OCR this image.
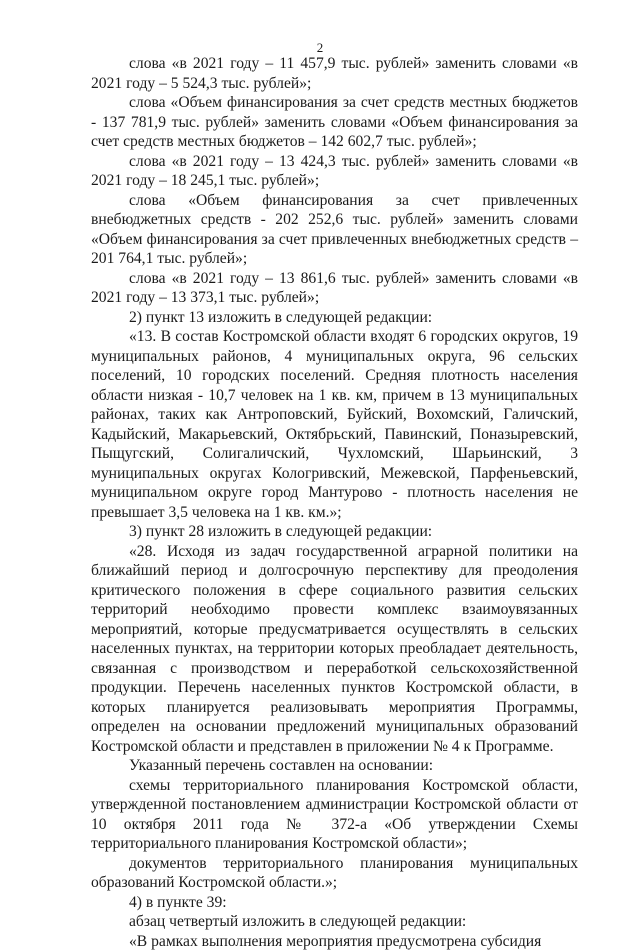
2

слова «в 2021 году – 11 457,9 тыс. рублей» заменить словами «в 2021 году – 5 524,3 тыс. рублей»;

слова «Объем финансирования за счет средств местных бюджетов - 137 781,9 тыс. рублей» заменить словами «Объем финансирования за счет средств местных бюджетов – 142 602,7 тыс. рублей»;

слова «в 2021 году – 13 424,3 тыс. рублей» заменить словами «в 2021 году – 18 245,1 тыс. рублей»;

слова «Объем финансирования за счет привлеченных внебюджетных средств - 202 252,6 тыс. рублей» заменить словами «Объем финансирования за счет привлеченных внебюджетных средств – 201 764,1 тыс. рублей»;

слова «в 2021 году – 13 861,6 тыс. рублей» заменить словами «в 2021 году – 13 373,1 тыс. рублей»;

2) пункт 13 изложить в следующей редакции:

«13. В состав Костромской области входят 6 городских округов, 19 муниципальных районов, 4 муниципальных округа, 96 сельских поселений, 10 городских поселений. Средняя плотность населения области низкая - 10,7 человек на 1 кв. км, причем в 13 муниципальных районах, таких как Антроповский, Буйский, Вохомский, Галичский, Кадыйский, Макарьевский, Октябрьский, Павинский, Поназыревский, Пыщугский, Солигаличский, Чухломский, Шарьинский, 3 муниципальных округах Кологривский, Межевской, Парфеньевский, муниципальном округе город Мантурово - плотность населения не превышает 3,5 человека на 1 кв. км.»;

3) пункт 28 изложить в следующей редакции:

«28. Исходя из задач государственной аграрной политики на ближайший период и долгосрочную перспективу для преодоления критического положения в сфере социального развития сельских территорий необходимо провести комплекс взаимоувязанных мероприятий, которые предусматривается осуществлять в сельских населенных пунктах, на территории которых преобладает деятельность, связанная с производством и переработкой сельскохозяйственной продукции. Перечень населенных пунктов Костромской области, в которых планируется реализовывать мероприятия Программы, определен на основании предложений муниципальных образований Костромской области и представлен в приложении № 4 к Программе.

Указанный перечень составлен на основании:

схемы территориального планирования Костромской области, утвержденной постановлением администрации Костромской области от 10 октября 2011 года № 372-а «Об утверждении Схемы территориального планирования Костромской области»;

документов территориального планирования муниципальных образований Костромской области.»;

4) в пункте 39:

абзац четвертый изложить в следующей редакции:

«В рамках выполнения мероприятия предусмотрена субсидия
